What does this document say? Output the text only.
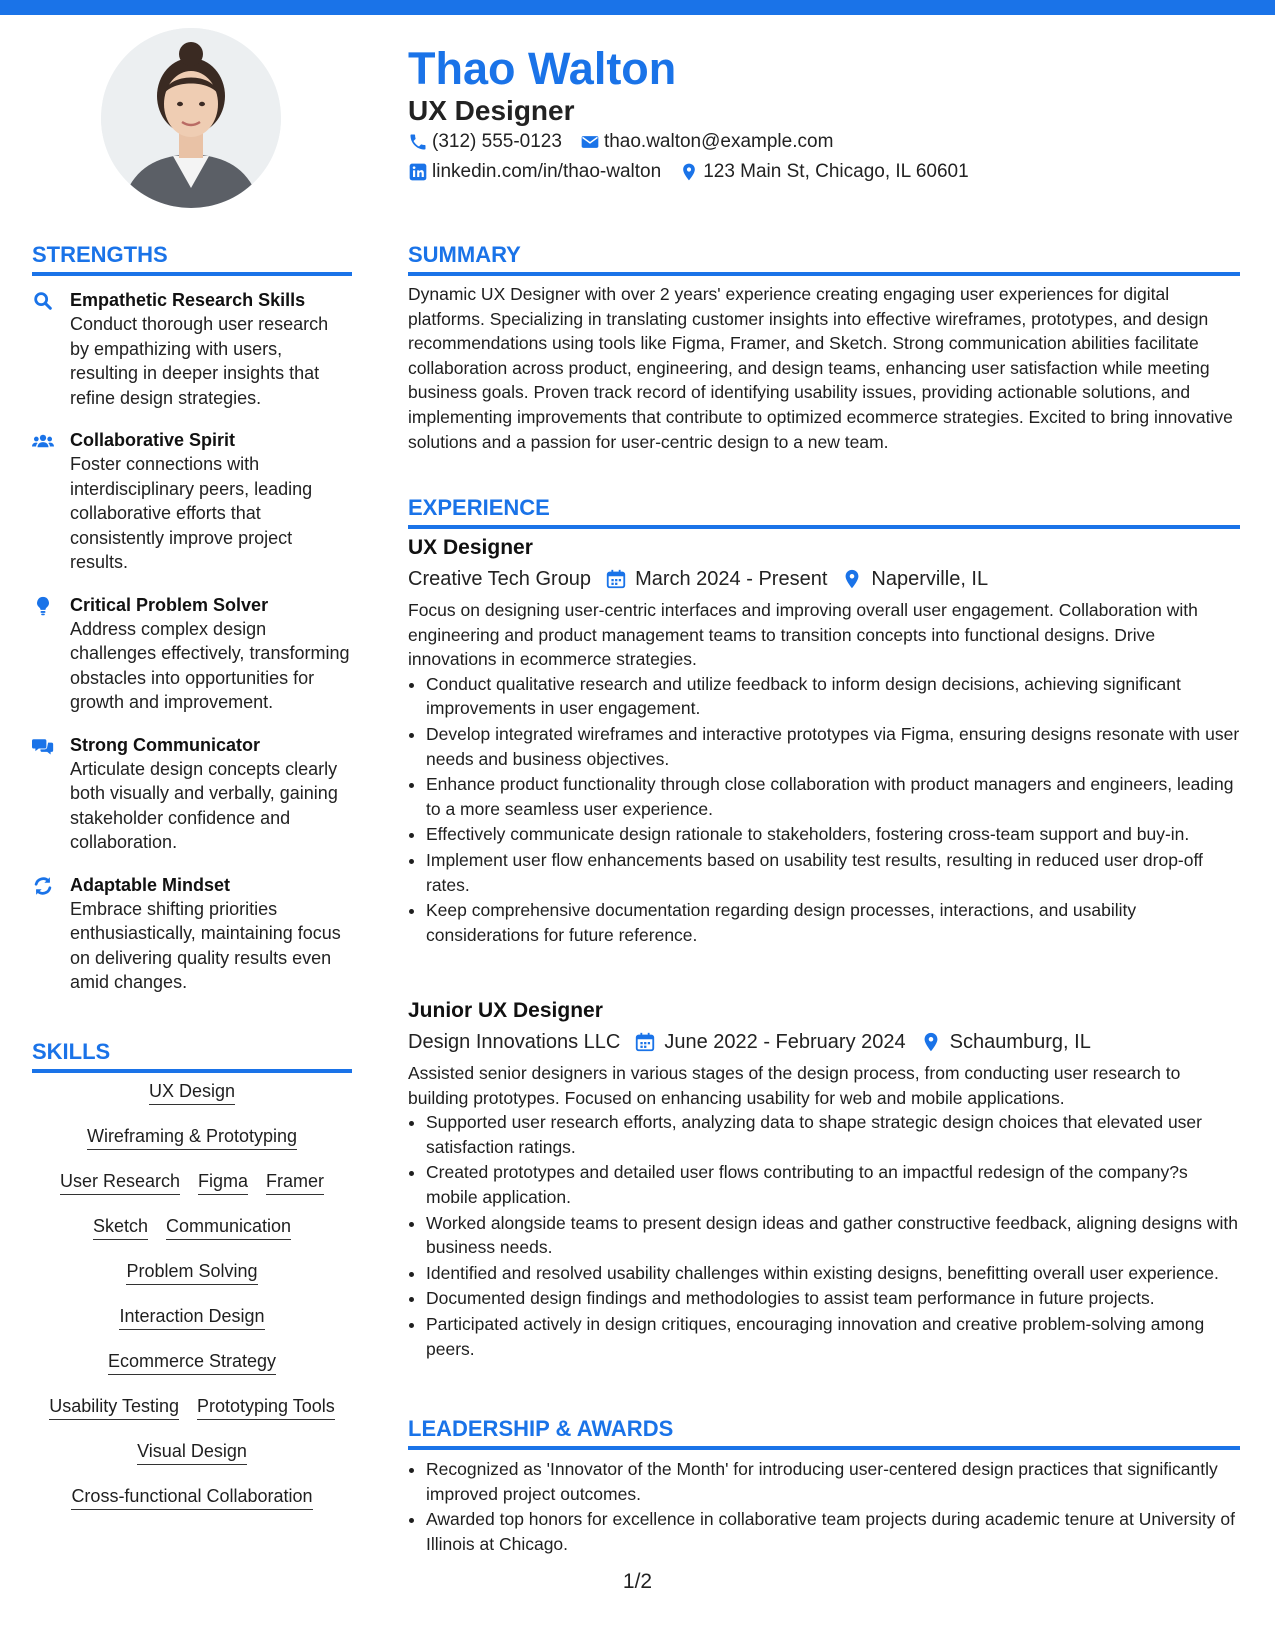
Thao Walton
UX Designer
(312) 555-0123 thao.walton@example.com
linkedin.com/in/thao-walton 123 Main St, Chicago, IL 60601
STRENGTHS
Empathetic Research Skills
Conduct thorough user research by empathizing with users, resulting in deeper insights that refine design strategies.
Collaborative Spirit
Foster connections with interdisciplinary peers, leading collaborative efforts that consistently improve project results.
Critical Problem Solver
Address complex design challenges effectively, transforming obstacles into opportunities for growth and improvement.
Strong Communicator
Articulate design concepts clearly both visually and verbally, gaining stakeholder confidence and collaboration.
Adaptable Mindset
Embrace shifting priorities enthusiastically, maintaining focus on delivering quality results even amid changes.
SKILLS
UX Design
Wireframing & Prototyping
User Research Figma Framer
Sketch Communication
Problem Solving
Interaction Design
Ecommerce Strategy
Usability Testing Prototyping Tools
Visual Design
Cross-functional Collaboration
SUMMARY

Dynamic UX Designer with over 2 years' experience creating engaging user experiences for digital platforms. Specializing in translating customer insights into effective wireframes, prototypes, and design recommendations using tools like Figma, Framer, and Sketch. Strong communication abilities facilitate collaboration across product, engineering, and design teams, enhancing user satisfaction while meeting business goals. Proven track record of identifying usability issues, providing actionable solutions, and implementing improvements that contribute to optimized ecommerce strategies. Excited to bring innovative solutions and a passion for user-centric design to a new team.

EXPERIENCE
UX Designer
Creative Tech Group March 2024 - Present Naperville, IL

Focus on designing user-centric interfaces and improving overall user engagement. Collaboration with engineering and product management teams to transition concepts into functional designs. Drive innovations in ecommerce strategies.

• Conduct qualitative research and utilize feedback to inform design decisions, achieving significant improvements in user engagement.
• Develop integrated wireframes and interactive prototypes via Figma, ensuring designs resonate with user needs and business objectives.
• Enhance product functionality through close collaboration with product managers and engineers, leading to a more seamless user experience.
• Effectively communicate design rationale to stakeholders, fostering cross-team support and buy-in.
• Implement user flow enhancements based on usability test results, resulting in reduced user drop-off rates.
• Keep comprehensive documentation regarding design processes, interactions, and usability considerations for future reference.
Junior UX Designer
Design Innovations LLC June 2022 - February 2024 Schaumburg, IL

Assisted senior designers in various stages of the design process, from conducting user research to building prototypes. Focused on enhancing usability for web and mobile applications.

• Supported user research efforts, analyzing data to shape strategic design choices that elevated user satisfaction ratings.
• Created prototypes and detailed user flows contributing to an impactful redesign of the company?s mobile application.
• Worked alongside teams to present design ideas and gather constructive feedback, aligning designs with business needs.
• Identified and resolved usability challenges within existing designs, benefitting overall user experience.
• Documented design findings and methodologies to assist team performance in future projects.
• Participated actively in design critiques, encouraging innovation and creative problem-solving among peers.
LEADERSHIP & AWARDS
• Recognized as 'Innovator of the Month' for introducing user-centered design practices that significantly improved project outcomes.
• Awarded top honors for excellence in collaborative team projects during academic tenure at University of Illinois at Chicago.
1/2
